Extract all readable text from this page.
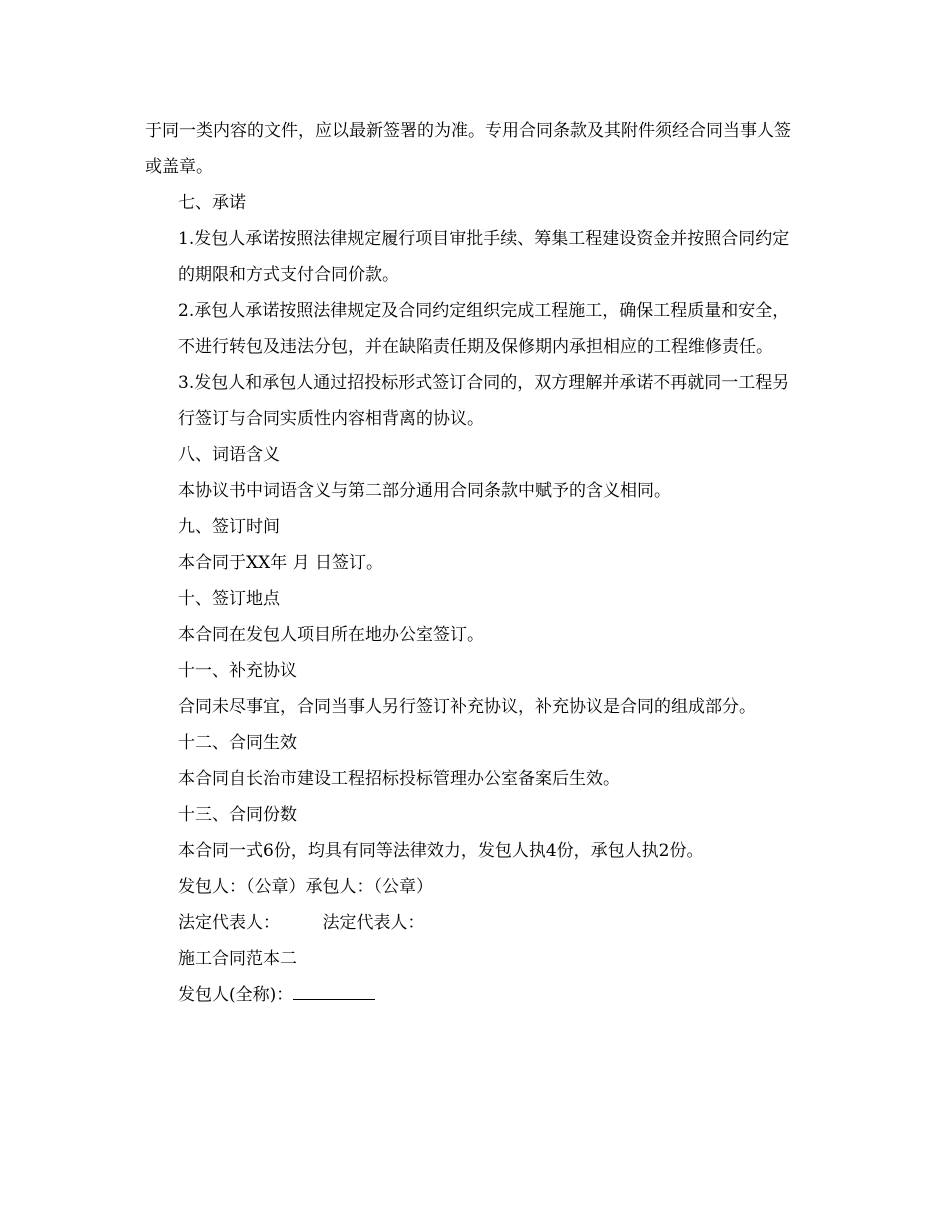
于同一类内容的文件，应以最新签署的为准。专用合同条款及其附件须经合同当事人签或盖章。

七、承诺

1.发包人承诺按照法律规定履行项目审批手续、筹集工程建设资金并按照合同约定的期限和方式支付合同价款。

2.承包人承诺按照法律规定及合同约定组织完成工程施工，确保工程质量和安全，不进行转包及违法分包，并在缺陷责任期及保修期内承担相应的工程维修责任。

3.发包人和承包人通过招投标形式签订合同的，双方理解并承诺不再就同一工程另行签订与合同实质性内容相背离的协议。

八、词语含义

本协议书中词语含义与第二部分通用合同条款中赋予的含义相同。

九、签订时间

本合同于XX年 月 日签订。

十、签订地点

本合同在发包人项目所在地办公室签订。

十一、补充协议

合同未尽事宜，合同当事人另行签订补充协议，补充协议是合同的组成部分。

十二、合同生效

本合同自长治市建设工程招标投标管理办公室备案后生效。

十三、合同份数

本合同一式6份，均具有同等法律效力，发包人执4份，承包人执2份。

发包人：（公章）承包人：（公章）

法定代表人：　　　法定代表人：

施工合同范本二

发包人(全称)：
